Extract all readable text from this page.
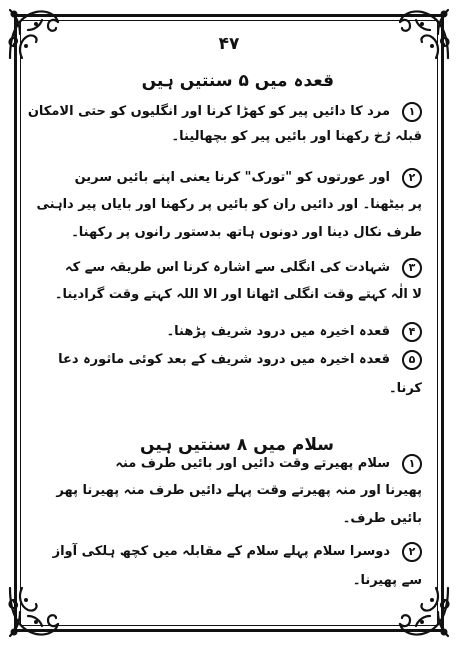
۴۷
قعدہ میں ۵ سنتیں ہیں
۱
مرد کا دائیں پیر کو کھڑا کرنا اور انگلیوں کو حتی الامکان
قبلہ رُخ رکھنا اور بائیں پیر کو بچھالینا۔
۲
اور عورتوں کو "تورک" کرنا یعنی اپنے بائیں سرین
پر بیٹھنا۔ اور دائیں ران کو بائیں پر رکھنا اور بایاں پیر داہنی
طرف نکال دینا اور دونوں ہاتھ بدستور رانوں پر رکھنا۔
۳
شہادت کی انگلی سے اشارہ کرنا اس طریقہ سے کہ
لا الٰہ کہتے وقت انگلی اٹھانا اور الا اللہ کہتے وقت گرادینا۔
۴
قعدہ اخیرہ میں درود شریف پڑھنا۔
۵
قعدہ اخیرہ میں درود شریف کے بعد کوئی ماثورہ دعا
کرنا۔
سلام میں ۸ سنتیں ہیں
۱
سلام پھیرتے وقت دائیں اور بائیں طرف منہ
پھیرنا اور منہ پھیرتے وقت پہلے دائیں طرف منہ پھیرنا پھر
بائیں طرف۔
۲
دوسرا سلام پہلے سلام کے مقابلہ میں کچھ ہلکی آواز
سے پھیرنا۔
